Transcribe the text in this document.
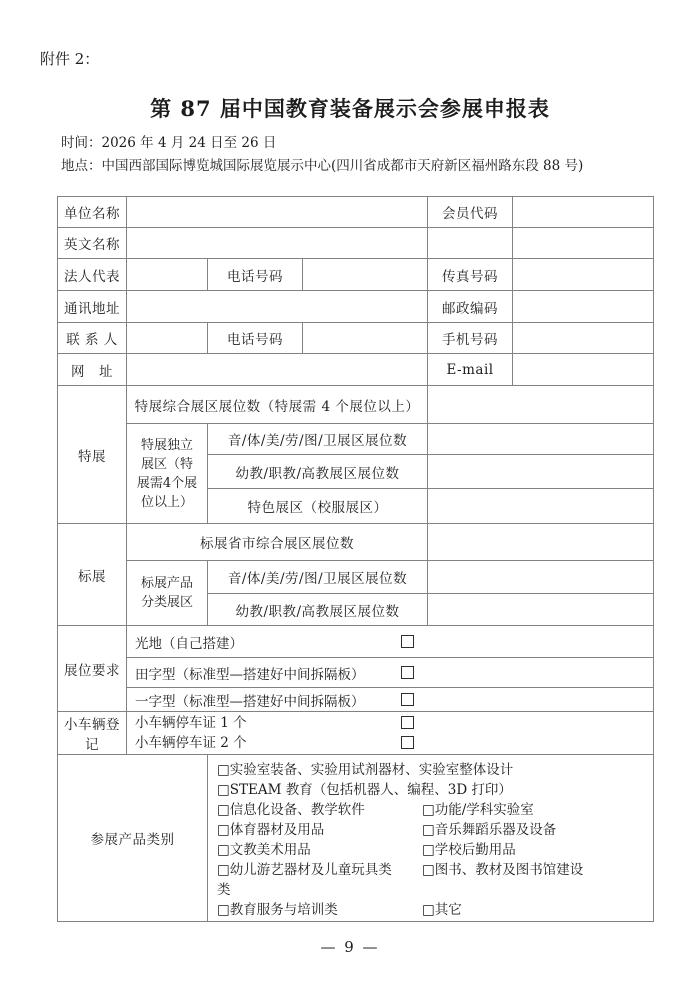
附件 2：
第 87 届中国教育装备展示会参展申报表
时间：2026 年 4 月 24 日至 26 日
地点：中国西部国际博览城国际展览展示中心(四川省成都市天府新区福州路东段 88 号)
单位名称				会员代码	
英文名称					
法人代表		电话号码		传真号码	
通讯地址				邮政编码	
联 系 人		电话号码		手机号码	
网　址				E-mail	
特展	特展综合展区展位数（特展需 4 个展位以上）				
	特展独立展区（特展需4个展位以上）	音/体/美/劳/图/卫展区展位数			
		幼教/职教/高教展区展位数			
		特色展区（校服展区）			
标展	标展省市综合展区展位数				
	标展产品分类展区	音/体/美/劳/图/卫展区展位数			
		幼教/职教/高教展区展位数			
展位要求	光地（自己搭建）				

	田字型（标准型—搭建好中间拆隔板）				

	一字型（标准型—搭建好中间拆隔板）				

小车辆登记	小车辆停车证 1 个
小车辆停车证 2 个				

参展产品类别	
□实验室装备、实验用试剂器材、实验室整体设计
□STEAM 教育（包括机器人、编程、3D 打印）
□信息化设备、教学软件	□功能/学科实验室
□体育器材及用品	□音乐舞蹈乐器及设备
□文教美术用品	□学校后勤用品
□幼儿游艺器材及儿童玩具类 □图书、教材及图书馆建设
类
□教育服务与培训类	□其它
— 9 —
